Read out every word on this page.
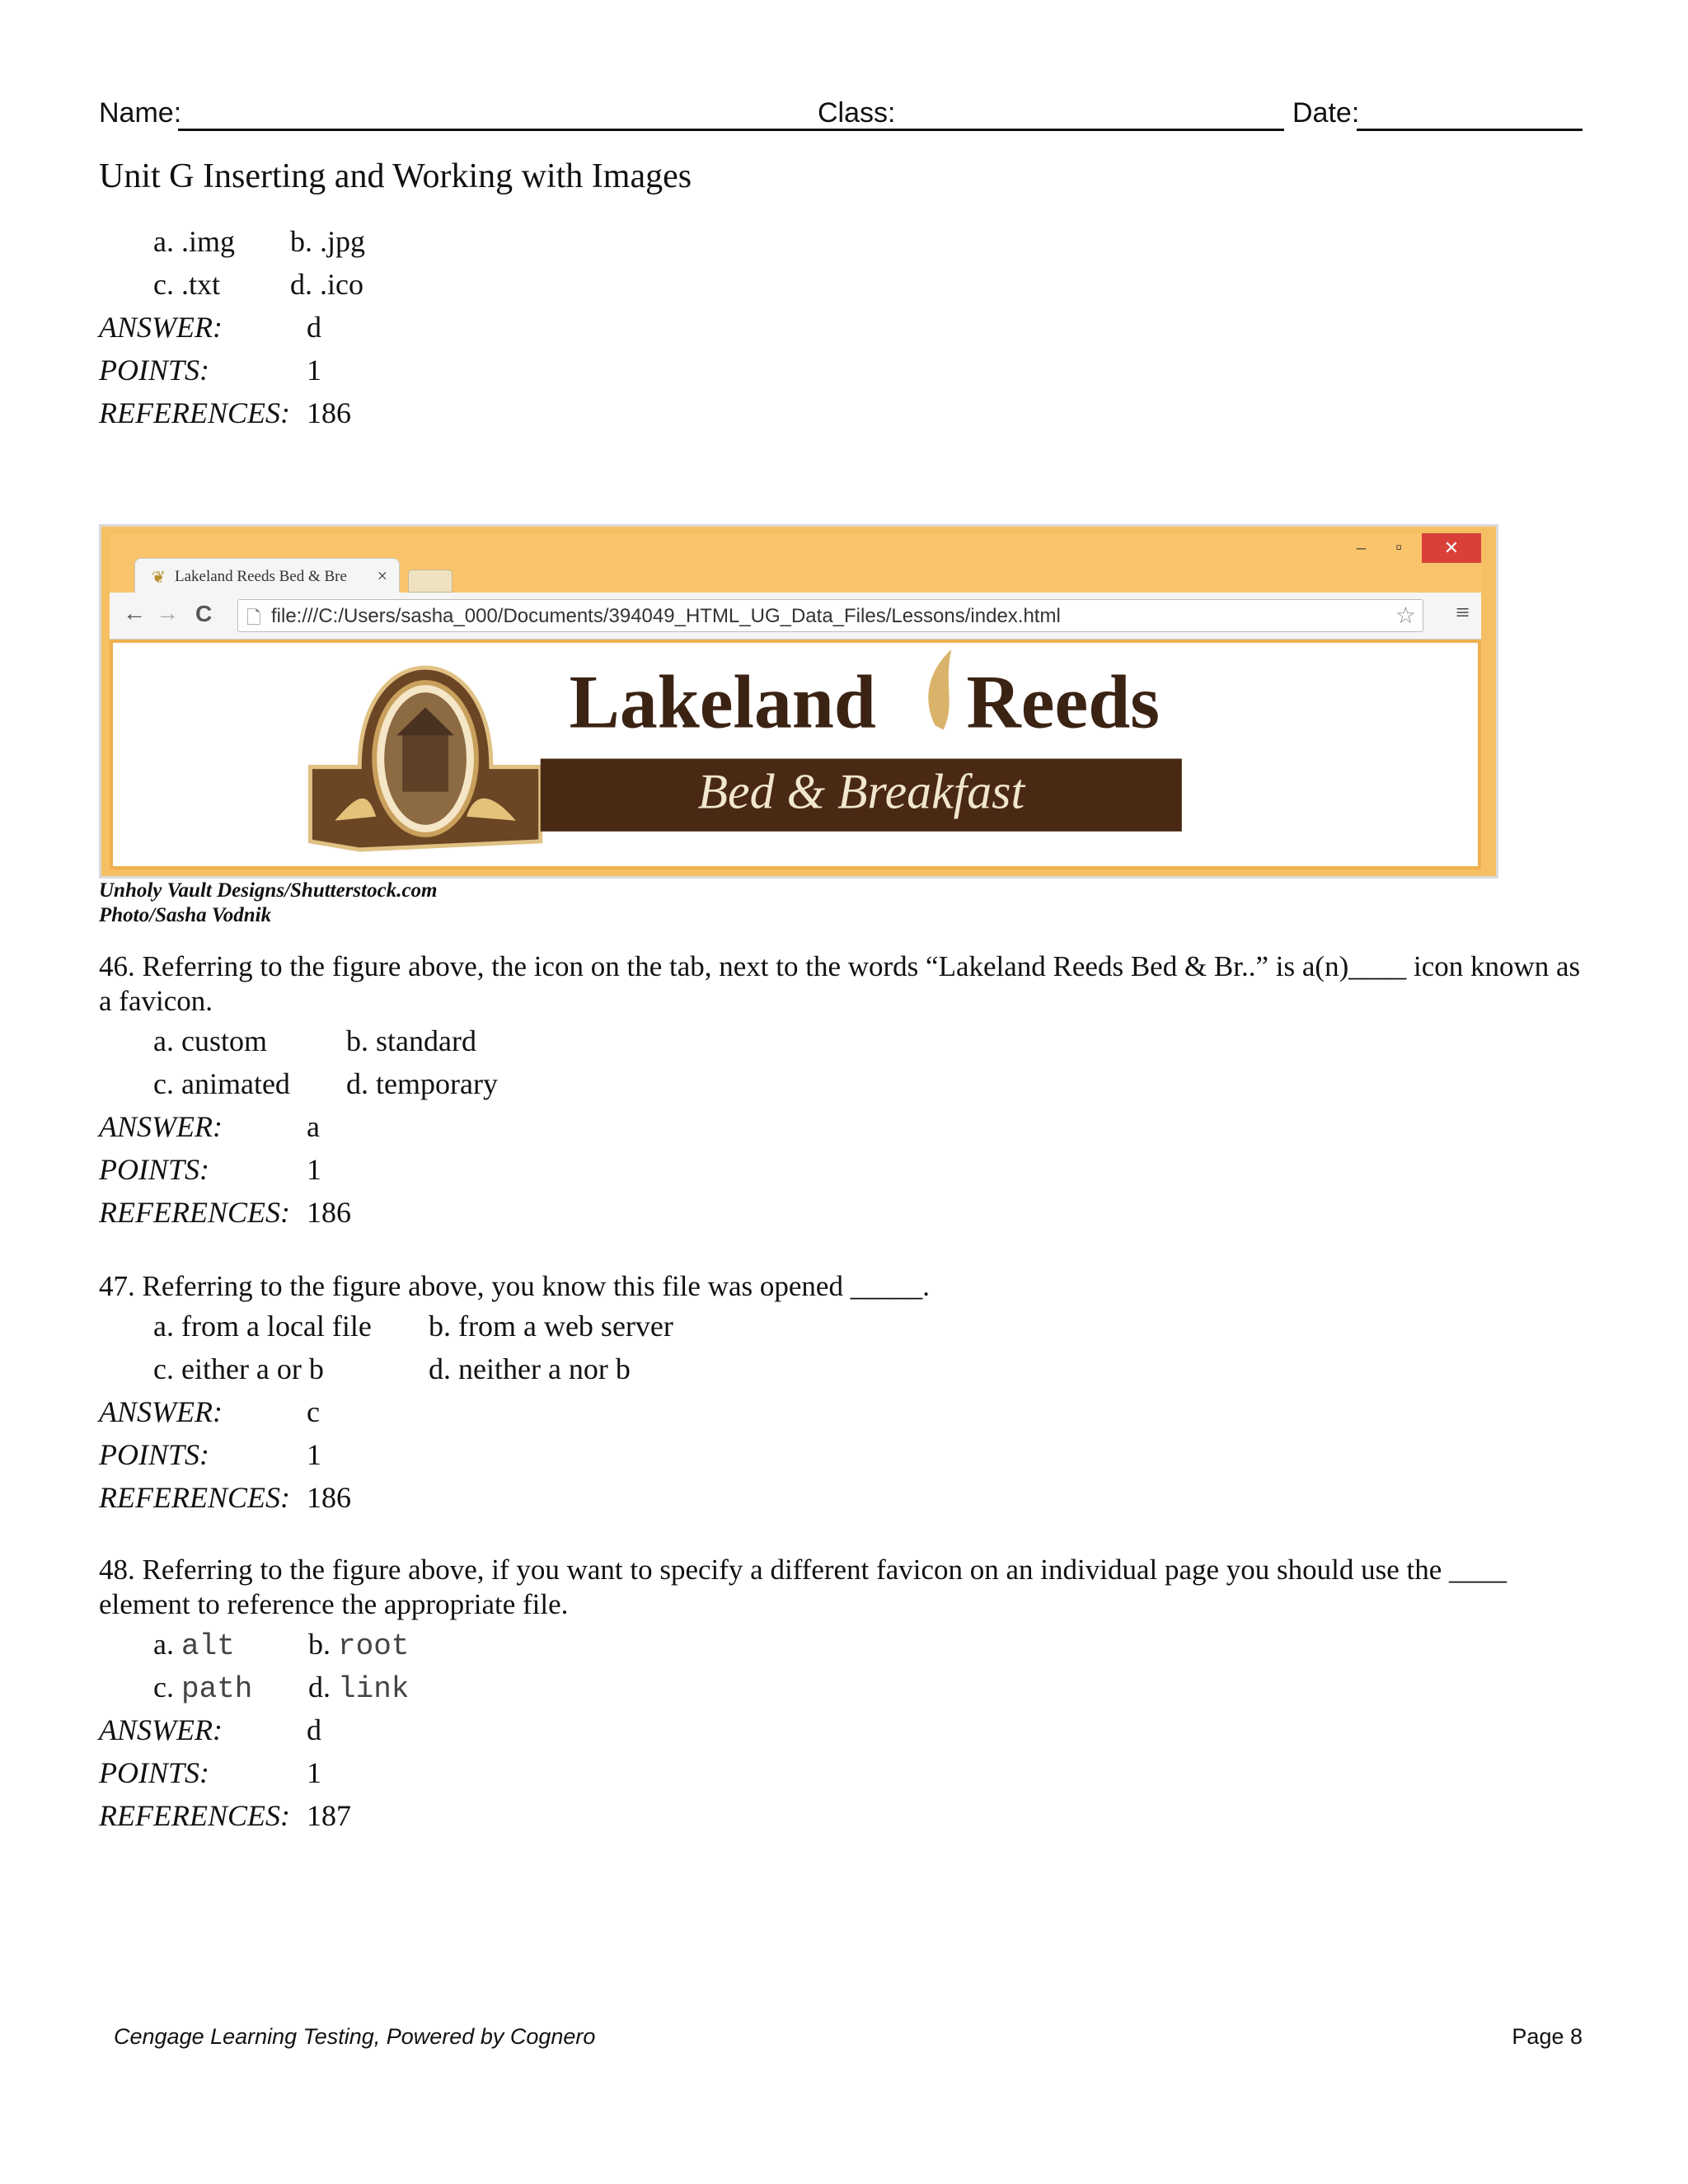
Name:	Class:	Date:
Unit G Inserting and Working with Images
a. .img b. .jpg
c. .txt d. .ico
ANSWER:	d
POINTS:	1
REFERENCES: 186
– ▫	✕
❦ Lakeland Reeds Bed & Bre	×
← → C 🗋 file:///C:/Users/sasha_000/Documents/394049_HTML_UG_Data_Files/Lessons/index.html	☆ ≡
Lakeland Reeds
Bed & Breakfast
Unholy Vault Designs/Shutterstock.com
Photo/Sasha Vodnik
46. Referring to the figure above, the icon on the tab, next to the words “Lakeland Reeds Bed & Br..” is a(n)____ icon known as a favicon.
a. custom	b. standard
c. animated d. temporary
ANSWER:	a
POINTS:	1
REFERENCES: 186
47. Referring to the figure above, you know this file was opened _____.
a. from a local file b. from a web server
c. either a or b	d. neither a nor b
ANSWER:	c
POINTS:	1
REFERENCES: 186
48. Referring to the figure above, if you want to specify a different favicon on an individual page you should use the ____ element to reference the appropriate file.
a. alt b. root
c. path d. link
ANSWER:	d
POINTS:	1
REFERENCES: 187
Cengage Learning Testing, Powered by Cognero	Page 8
